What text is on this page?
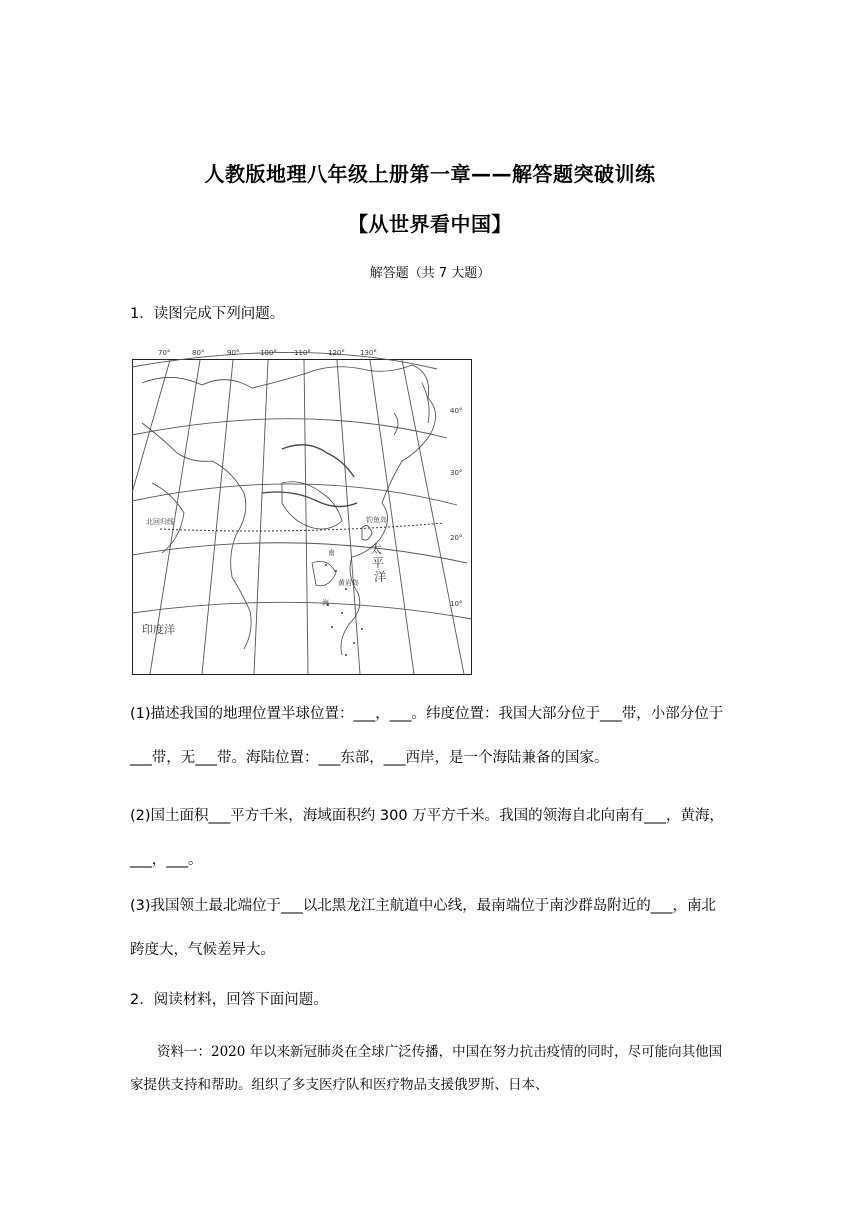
人教版地理八年级上册第一章——解答题突破训练
【从世界看中国】
解答题（共 7 大题）
1．读图完成下列问题。
70°	80°	90°	100° 110° 120° 130°
40°
30°
20°
10°
北回归线	钓鱼岛
南
黄岩岛
海
太
平
洋
印度洋
(1)描述我国的地理位置半球位置：___，___。纬度位置：我国大部分位于___带，小部分位于___带，无___带。海陆位置：___东部，___西岸，是一个海陆兼备的国家。
(2)国土面积___平方千米，海域面积约 300 万平方千米。我国的领海自北向南有___，黄海，___，___。
(3)我国领土最北端位于___以北黑龙江主航道中心线，最南端位于南沙群岛附近的___，南北跨度大，气候差异大。
2．阅读材料，回答下面问题。
资料一：2020 年以来新冠肺炎在全球广泛传播，中国在努力抗击疫情的同时，尽可能向其他国家提供支持和帮助。组织了多支医疗队和医疗物品支援俄罗斯、日本、
